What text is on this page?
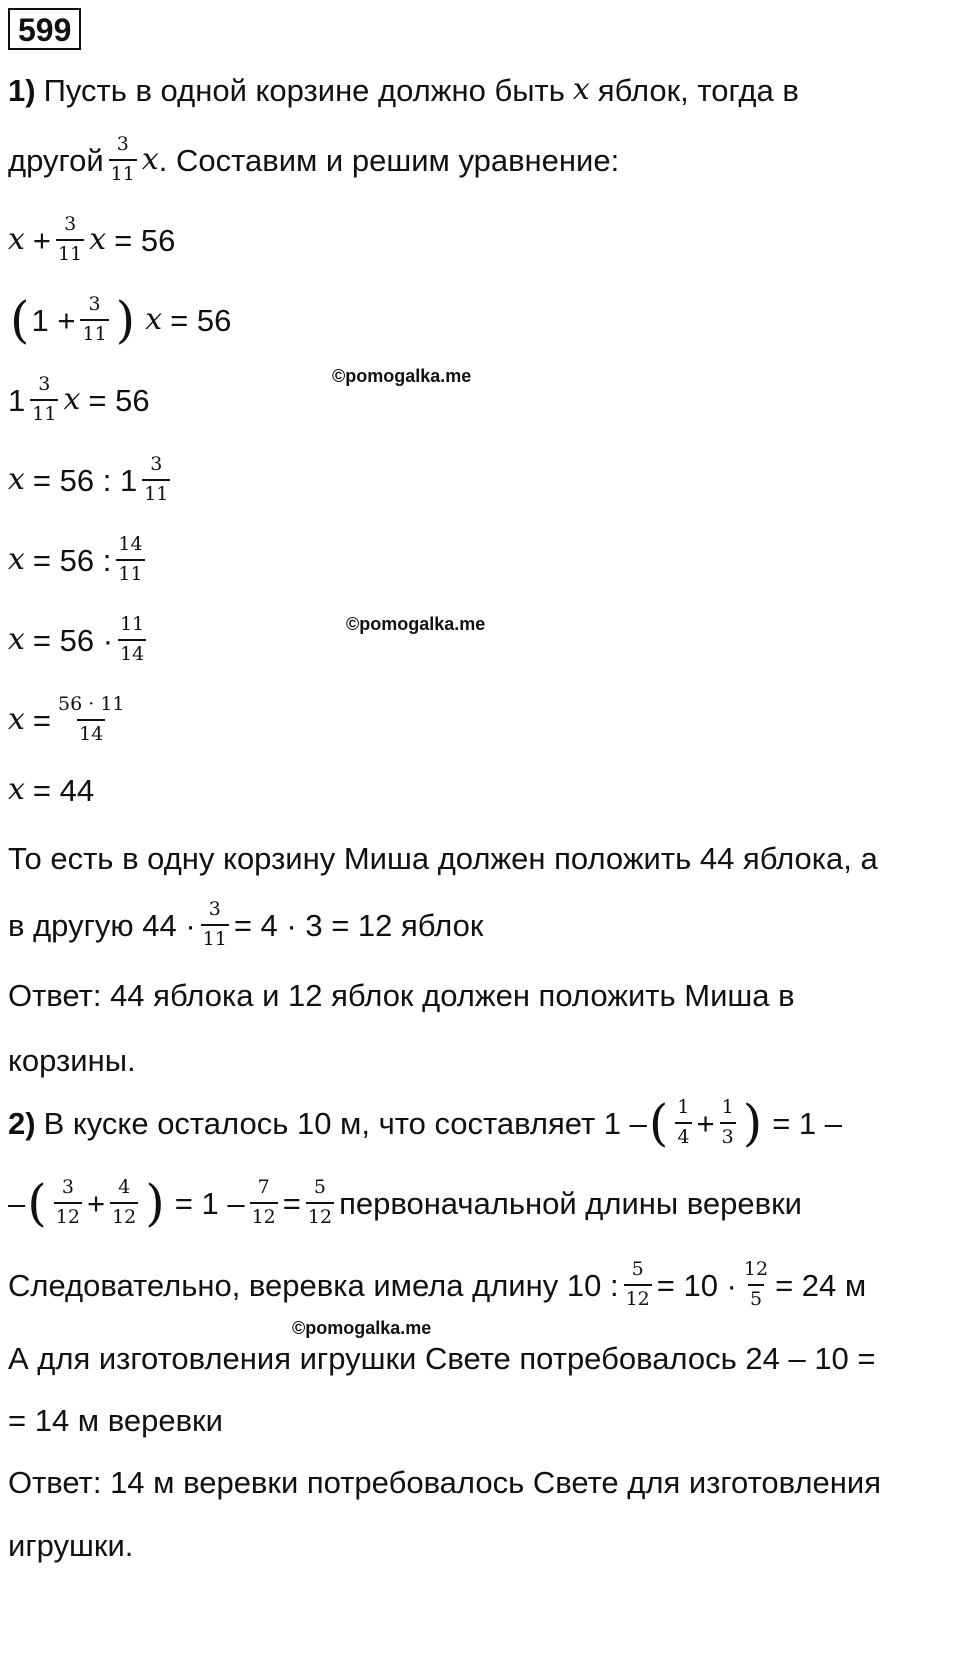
599
1) Пусть в одной корзине должно быть x яблок, тогда в
другой 3
11 x . Составим и решим уравнение:
$x + \frac{3}{11}$ x = 56
( $1 + \frac{3}{11}$ ) x = 56
1 3
11 x = 56
x = 56 : 1 3
11
x = 56 : 14
11
x = 56 · 11
14
$x = \frac{56 \cdot 11}{14}$
x = 44
То есть в одну корзину Миша должен положить 44 яблока, а
в другую $44 \cdot \frac{3}{11} = 4 \cdot 3 = 12$ яблок
Ответ: 44 яблока и 12 яблок должен положить Миша в
корзины.
2) В куске осталось 10 м, что составляет 1 – ( 1
$4 + \frac{1}{3}$ ) = 1 –
– ( 3
$12 + \frac{4}{12}$ ) = $1 - \frac{7}{12} = \frac{5}{12}$ первоначальной длины веревки
Следовательно, веревка имела длину 10 : $\frac{5}{12} = 10 \cdot \frac{12}{5} = 24$ м
А для изготовления игрушки Свете потребовалось 24 – 10 =
= 14 м веревки
Ответ: 14 м веревки потребовалось Свете для изготовления
игрушки.
©pomogalka.me
©pomogalka.me
©pomogalka.me
